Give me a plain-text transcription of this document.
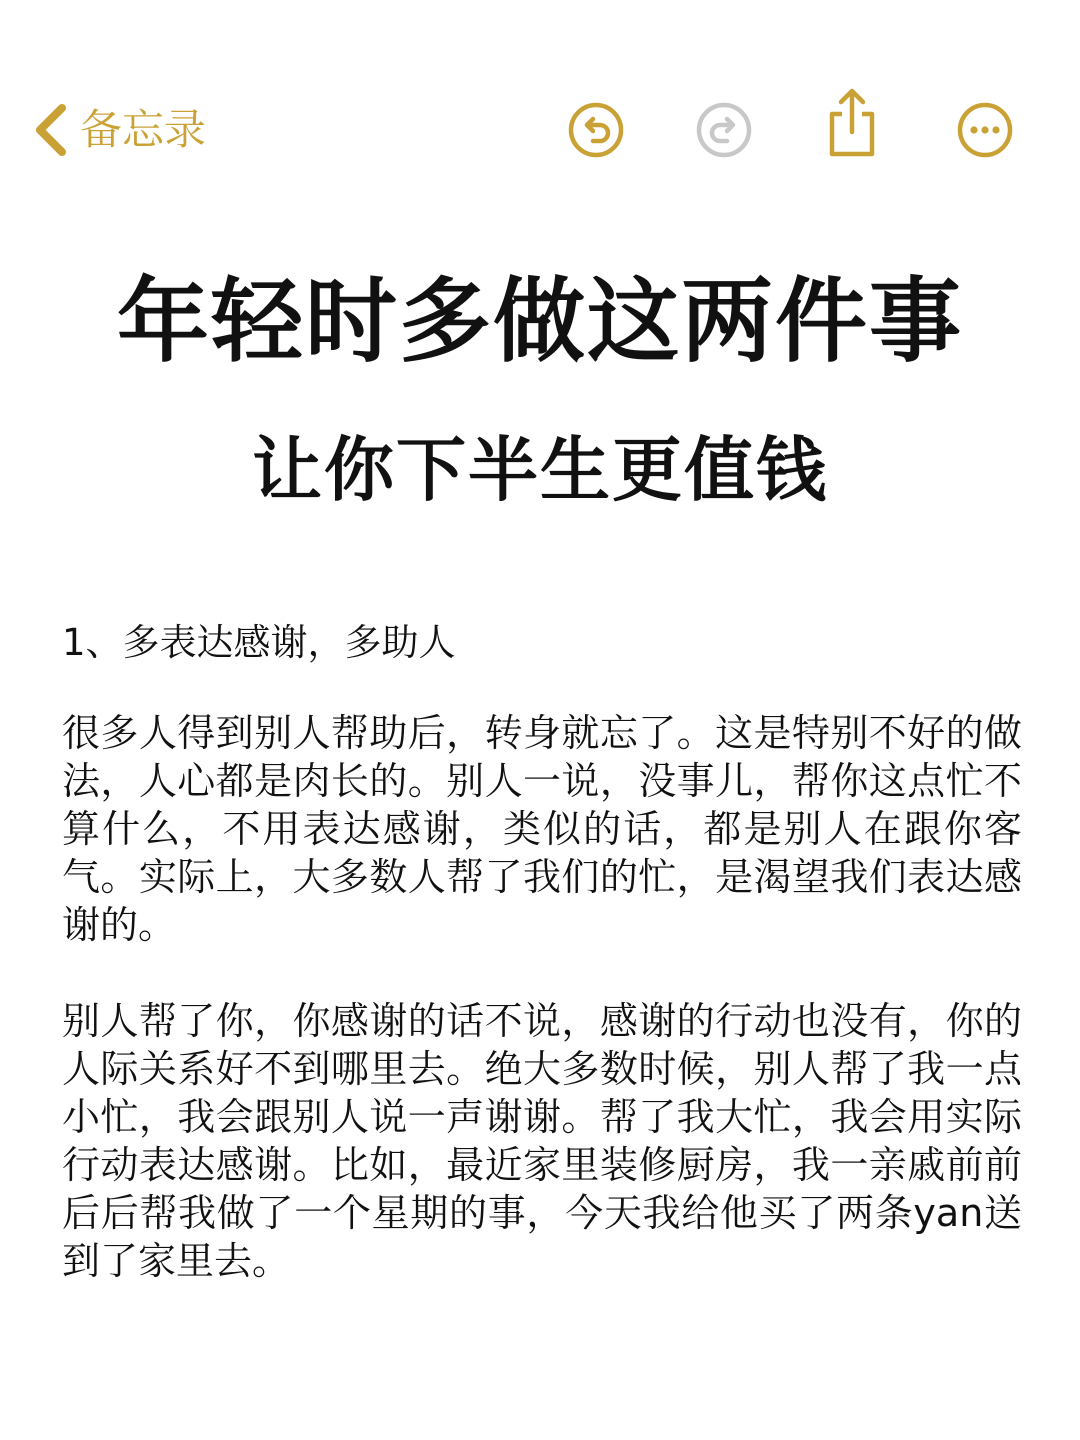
备忘录
年轻时多做这两件事
让你下半生更值钱

1、多表达感谢，多助人

很多人得到别人帮助后，转身就忘了。这是特别不好的做法，人心都是肉长的。别人一说，没事儿，帮你这点忙不算什么，不用表达感谢，类似的话，都是别人在跟你客气。实际上，大多数人帮了我们的忙，是渴望我们表达感谢的。

别人帮了你，你感谢的话不说，感谢的行动也没有，你的人际关系好不到哪里去。绝大多数时候，别人帮了我一点小忙，我会跟别人说一声谢谢。帮了我大忙，我会用实际行动表达感谢。比如，最近家里装修厨房，我一亲戚前前后后帮我做了一个星期的事，今天我给他买了两条yan送到了家里去。
